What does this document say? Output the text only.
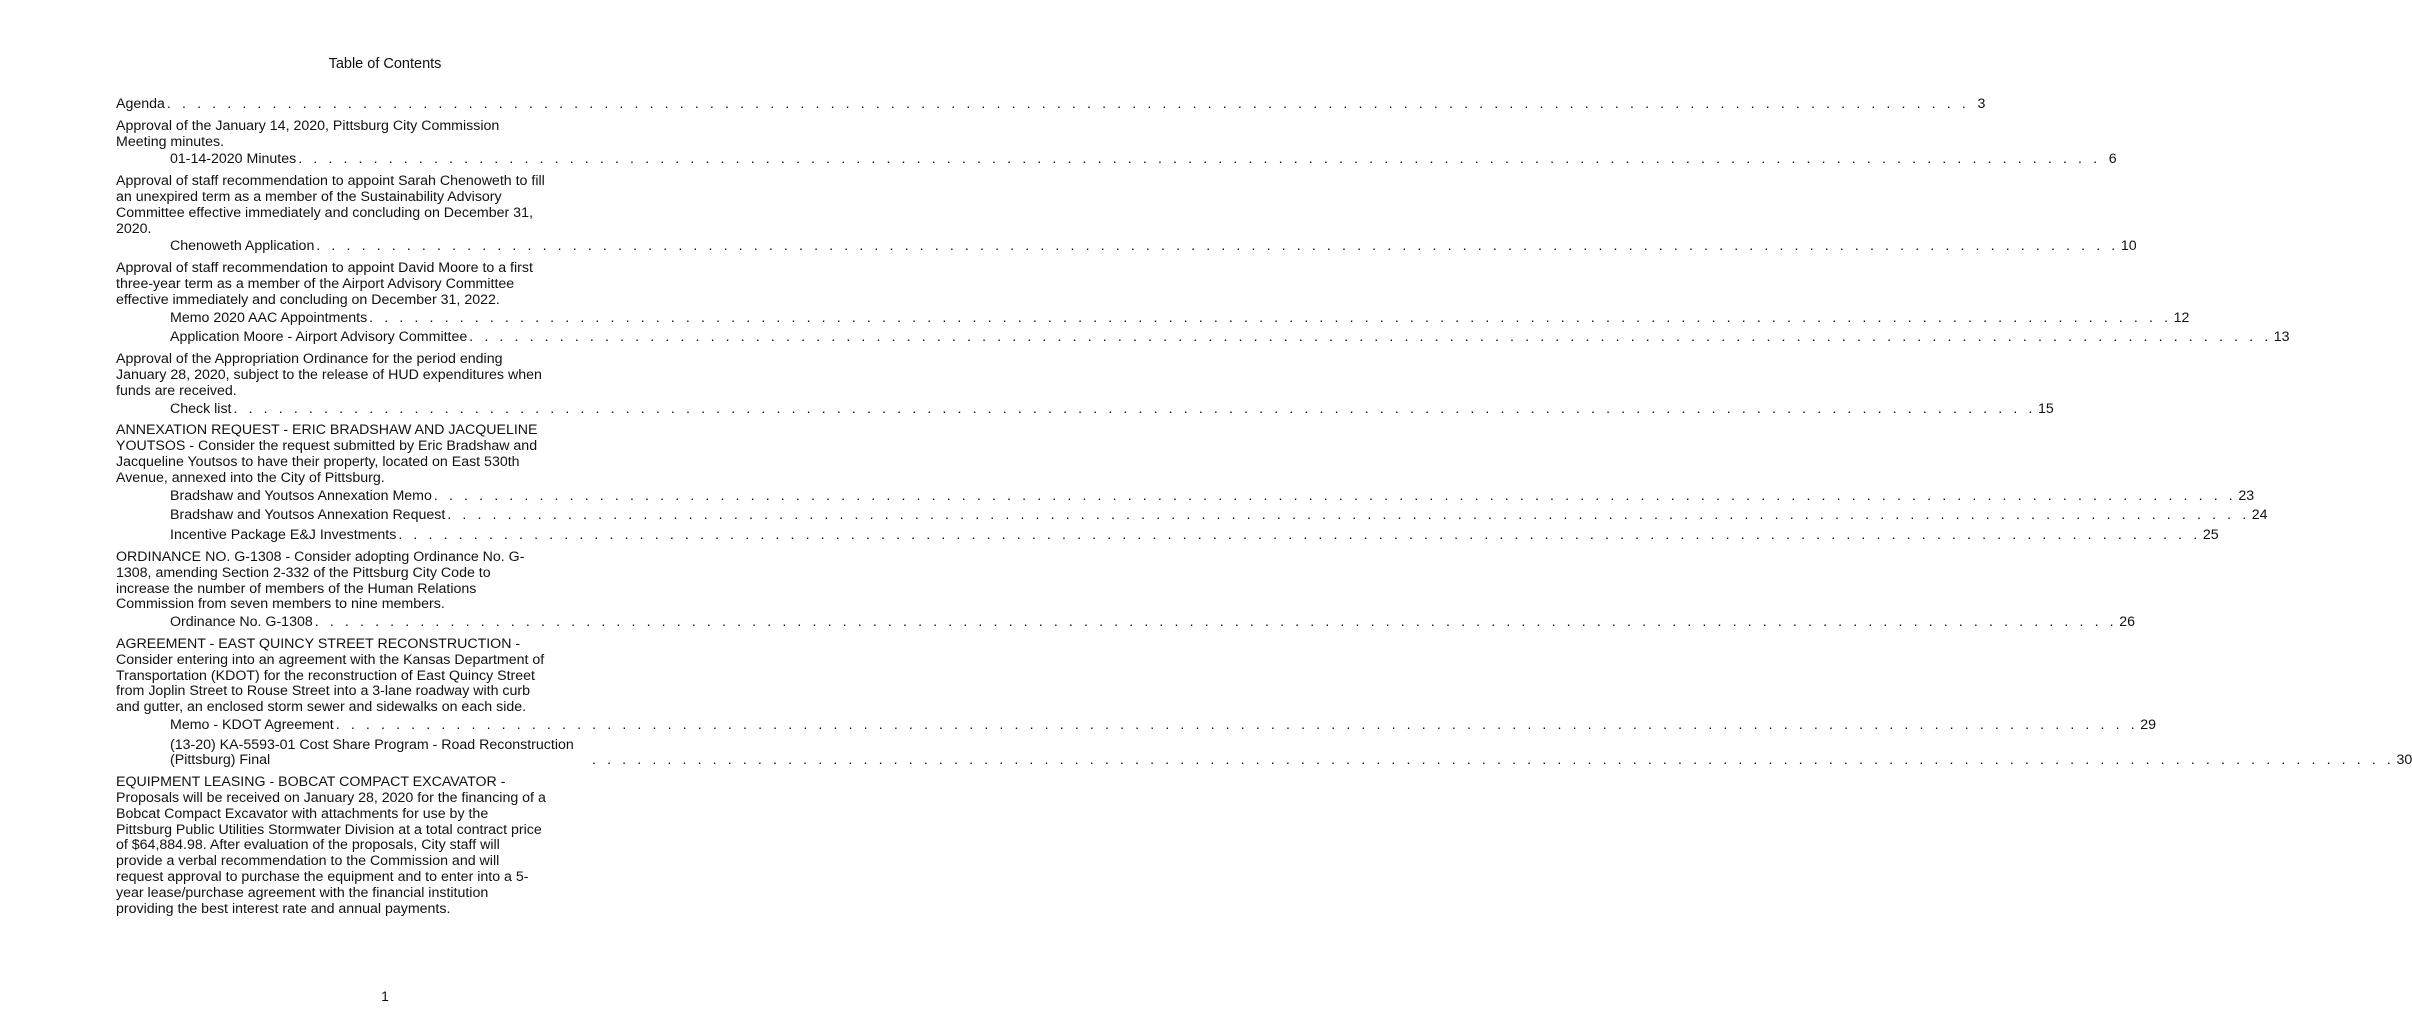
Table of Contents
Agenda . . . . . . . . . . . . . . . . . . . . . . . . . . . . . . . . . . . . . . . . . . . . . . . . . . . . . . . . . . . . . . . . . . . . . . . . . . . . . . . . . . . . . . . . . . . . . . . . . . . . . . . . . . . . . . . . . . . . . . . . 3
Approval of the January 14, 2020, Pittsburg City Commission Meeting minutes.
01-14-2020 Minutes . . . . . . . . . . . . . . . . . . . . . . . . . . . . . . . . . . . . . . . . . . . . . . . . . . . . . . . . . . . . . . . . . . . . . . . . . . . . . . . . . . . . . . . . . . . . . . . . . . . . . . . . . . . . . . . . . . . . . . . . 6
Approval of staff recommendation to appoint Sarah Chenoweth to fill an unexpired term as a member of the Sustainability Advisory Committee effective immediately and concluding on December 31, 2020.
Chenoweth Application . . . . . . . . . . . . . . . . . . . . . . . . . . . . . . . . . . . . . . . . . . . . . . . . . . . . . . . . . . . . . . . . . . . . . . . . . . . . . . . . . . . . . . . . . . . . . . . . . . . . . . . . . . . . . . . . . . . . . . . . 10
Approval of staff recommendation to appoint David Moore to a first three-year term as a member of the Airport Advisory Committee effective immediately and concluding on December 31, 2022.
Memo 2020 AAC Appointments . . . . . . . . . . . . . . . . . . . . . . . . . . . . . . . . . . . . . . . . . . . . . . . . . . . . . . . . . . . . . . . . . . . . . . . . . . . . . . . . . . . . . . . . . . . . . . . . . . . . . . . . . . . . . . . . . . . . . . . . 12
Application Moore - Airport Advisory Committee . . . . . . . . . . . . . . . . . . . . . . . . . . . . . . . . . . . . . . . . . . . . . . . . . . . . . . . . . . . . . . . . . . . . . . . . . . . . . . . . . . . . . . . . . . . . . . . . . . . . . . . . . . . . . . . . . . . . . . . . 13
Approval of the Appropriation Ordinance for the period ending January 28, 2020, subject to the release of HUD expenditures when funds are received.
Check list . . . . . . . . . . . . . . . . . . . . . . . . . . . . . . . . . . . . . . . . . . . . . . . . . . . . . . . . . . . . . . . . . . . . . . . . . . . . . . . . . . . . . . . . . . . . . . . . . . . . . . . . . . . . . . . . . . . . . . . . 15
ANNEXATION REQUEST - ERIC BRADSHAW AND JACQUELINE YOUTSOS - Consider the request submitted by Eric Bradshaw and Jacqueline Youtsos to have their property, located on East 530th Avenue, annexed into the City of Pittsburg.
Bradshaw and Youtsos Annexation Memo . . . . . . . . . . . . . . . . . . . . . . . . . . . . . . . . . . . . . . . . . . . . . . . . . . . . . . . . . . . . . . . . . . . . . . . . . . . . . . . . . . . . . . . . . . . . . . . . . . . . . . . . . . . . . . . . . . . . . . . . 23
Bradshaw and Youtsos Annexation Request . . . . . . . . . . . . . . . . . . . . . . . . . . . . . . . . . . . . . . . . . . . . . . . . . . . . . . . . . . . . . . . . . . . . . . . . . . . . . . . . . . . . . . . . . . . . . . . . . . . . . . . . . . . . . . . . . . . . . . . . 24
Incentive Package E&J Investments . . . . . . . . . . . . . . . . . . . . . . . . . . . . . . . . . . . . . . . . . . . . . . . . . . . . . . . . . . . . . . . . . . . . . . . . . . . . . . . . . . . . . . . . . . . . . . . . . . . . . . . . . . . . . . . . . . . . . . . . 25
ORDINANCE NO. G-1308 - Consider adopting Ordinance No. G-1308, amending Section 2-332 of the Pittsburg City Code to increase the number of members of the Human Relations Commission from seven members to nine members.
Ordinance No. G-1308 . . . . . . . . . . . . . . . . . . . . . . . . . . . . . . . . . . . . . . . . . . . . . . . . . . . . . . . . . . . . . . . . . . . . . . . . . . . . . . . . . . . . . . . . . . . . . . . . . . . . . . . . . . . . . . . . . . . . . . . . 26
AGREEMENT - EAST QUINCY STREET RECONSTRUCTION - Consider entering into an agreement with the Kansas Department of Transportation (KDOT) for the reconstruction of East Quincy Street from Joplin Street to Rouse Street into a 3-lane roadway with curb and gutter, an enclosed storm sewer and sidewalks on each side.
Memo - KDOT Agreement . . . . . . . . . . . . . . . . . . . . . . . . . . . . . . . . . . . . . . . . . . . . . . . . . . . . . . . . . . . . . . . . . . . . . . . . . . . . . . . . . . . . . . . . . . . . . . . . . . . . . . . . . . . . . . . . . . . . . . . . 29
(13-20) KA-5593-01 Cost Share Program - Road Reconstruction (Pittsburg) Final	. . . . . . . . . . . . . . . . . . . . . . . . . . . . . . . . . . . . . . . . . . . . . . . . . . . . . . . . . . . . . . . . . . . . . . . . . . . . . . . . . . . . . . . . . . . . . . . . . . . . . . . . . . . . . . . . . . . . . . . . 30
EQUIPMENT LEASING - BOBCAT COMPACT EXCAVATOR - Proposals will be received on January 28, 2020 for the financing of a Bobcat Compact Excavator with attachments for use by the Pittsburg Public Utilities Stormwater Division at a total contract price of $64,884.98. After evaluation of the proposals, City staff will provide a verbal recommendation to the Commission and will request approval to purchase the equipment and to enter into a 5-year lease/purchase agreement with the financial institution providing the best interest rate and annual payments.
1
